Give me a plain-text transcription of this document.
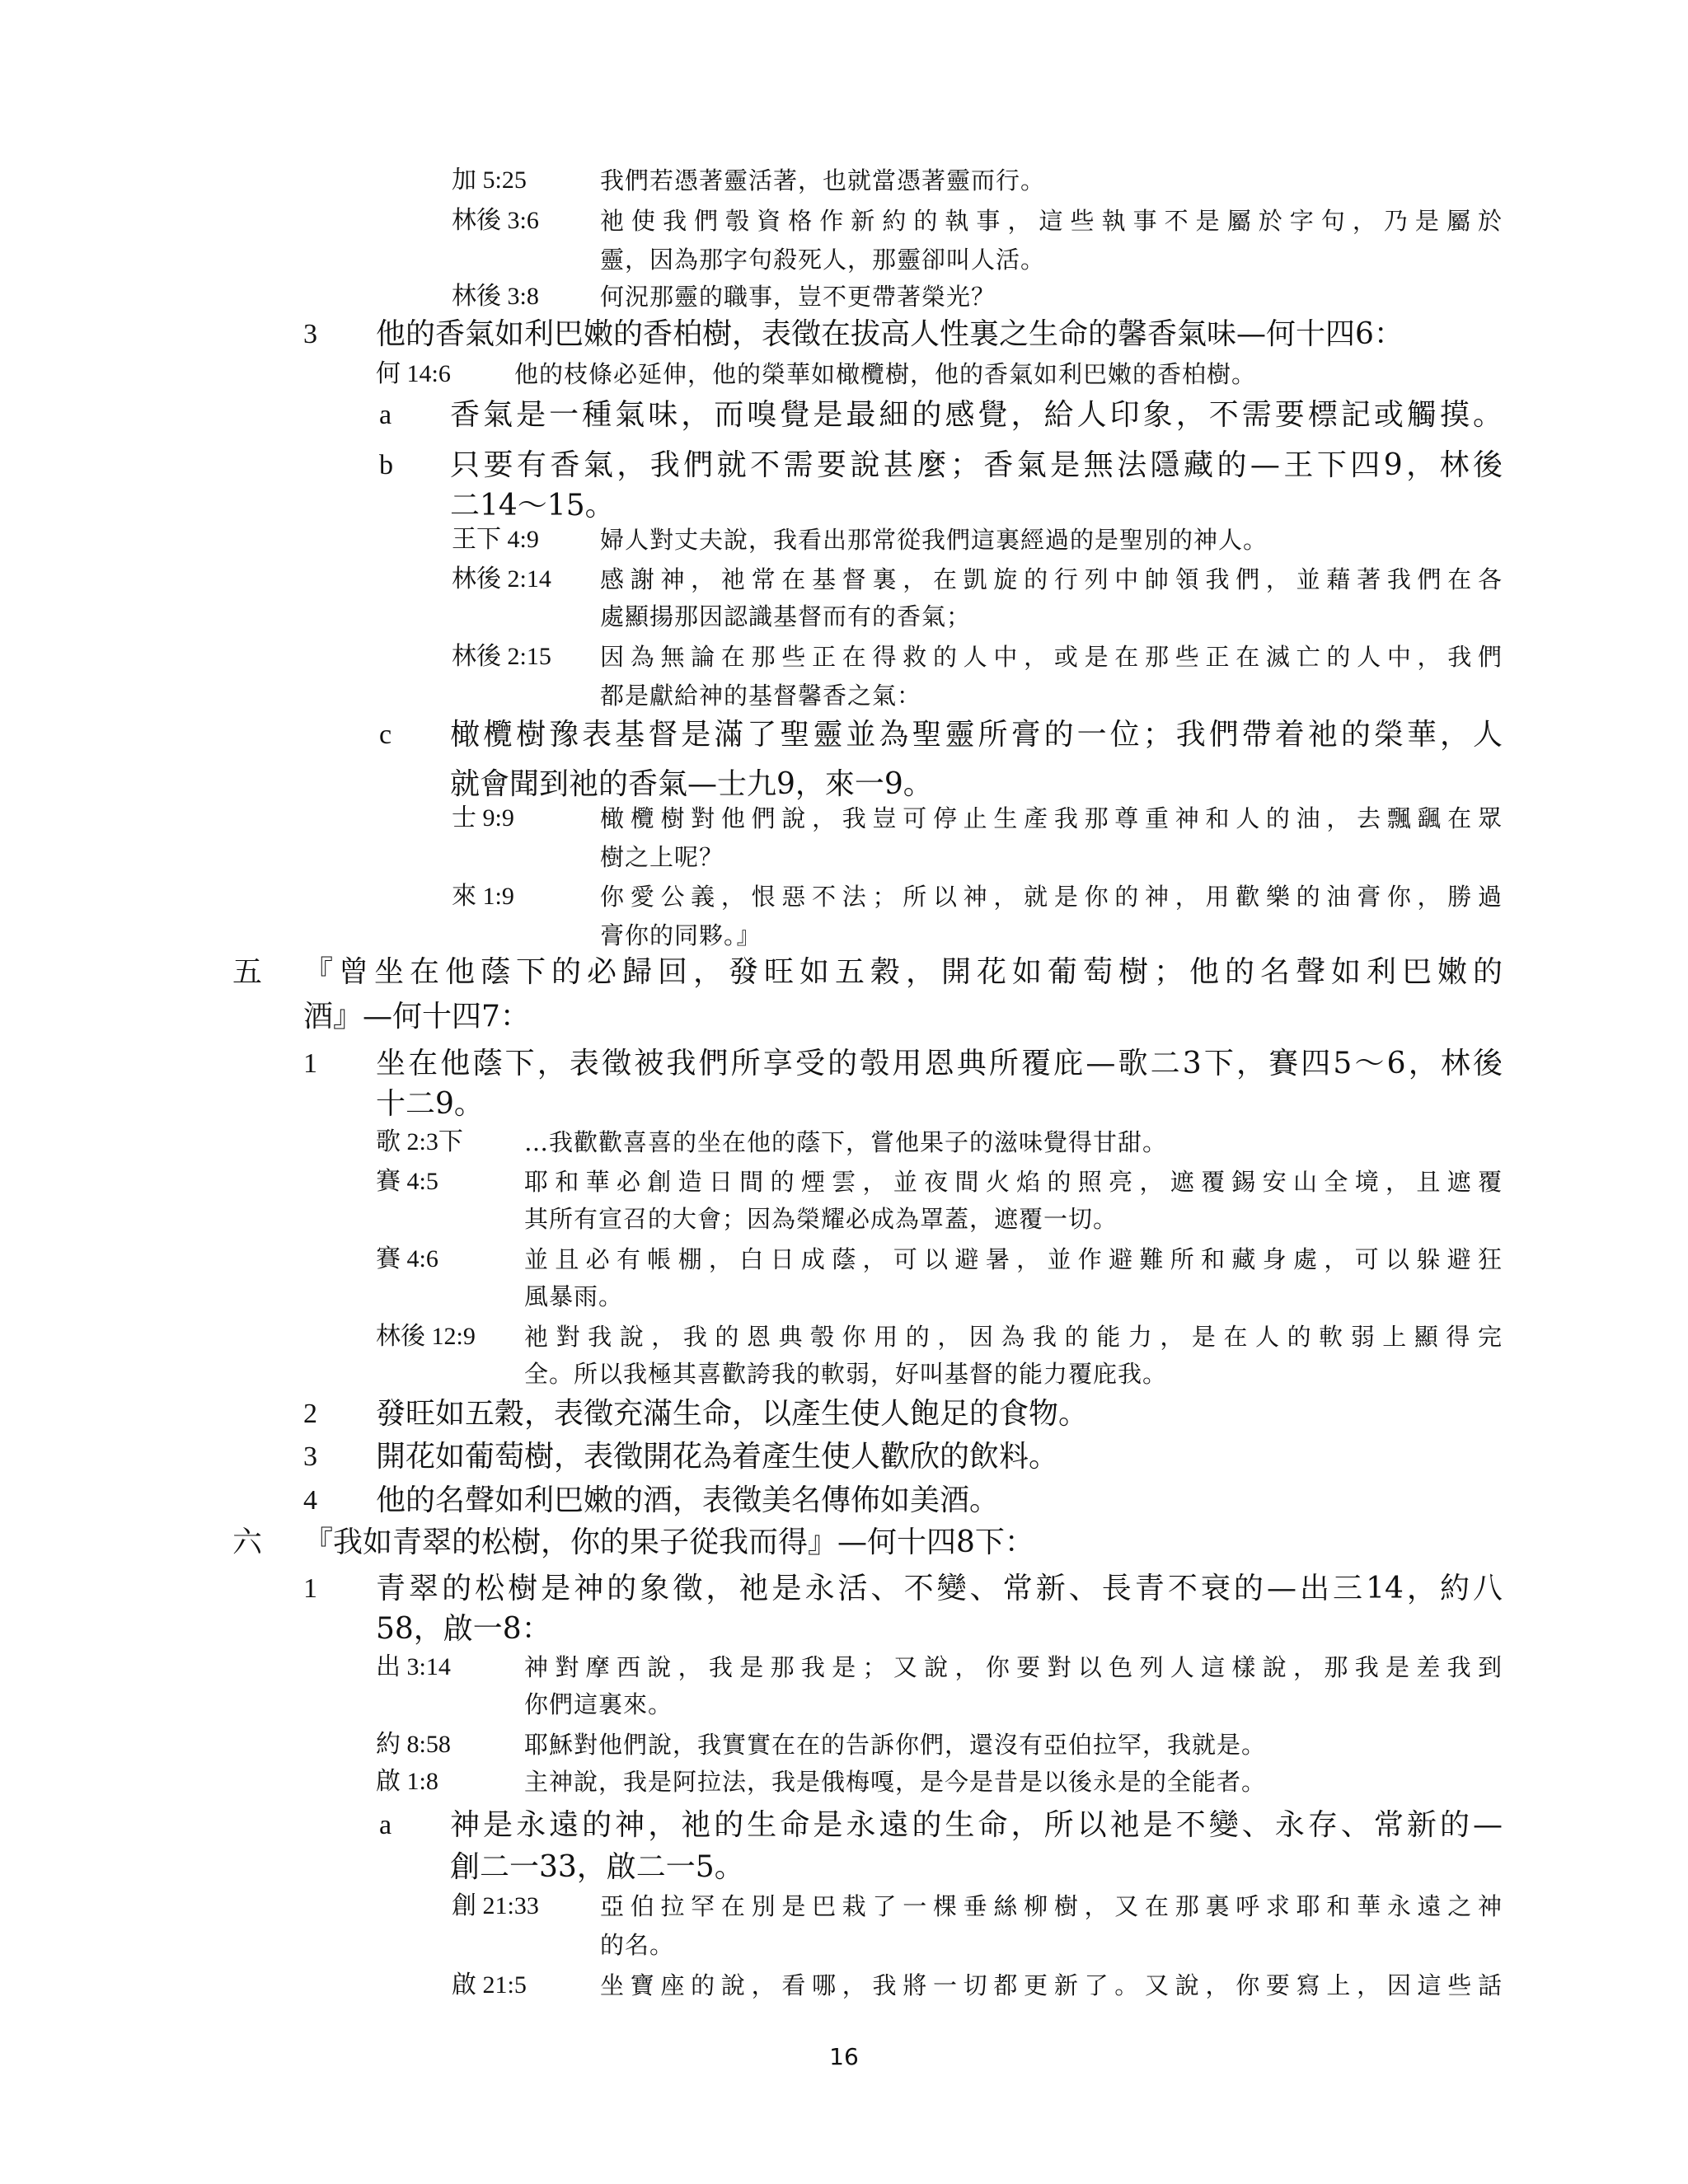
加 5:25	我們若憑著靈活著，也就當憑著靈而行。
林後 3:6	祂使我們彀資格作新約的執事，這些執事不是屬於字句，乃是屬於
靈，因為那字句殺死人，那靈卻叫人活。
林後 3:8	何況那靈的職事，豈不更帶著榮光？
3 他的香氣如利巴嫩的香柏樹，表徵在拔高人性裏之生命的馨香氣味—何十四6：
何 14:6	他的枝條必延伸，他的榮華如橄欖樹，他的香氣如利巴嫩的香柏樹。
a 香氣是一種氣味，而嗅覺是最細的感覺，給人印象，不需要標記或觸摸。
b 只要有香氣，我們就不需要說甚麼；香氣是無法隱藏的—王下四9，林後
二14～15。
王下 4:9	婦人對丈夫說，我看出那常從我們這裏經過的是聖別的神人。
林後 2:14 感謝神，祂常在基督裏，在凱旋的行列中帥領我們，並藉著我們在各
處顯揚那因認識基督而有的香氣；
林後 2:15 因為無論在那些正在得救的人中，或是在那些正在滅亡的人中，我們
都是獻給神的基督馨香之氣：
c 橄欖樹豫表基督是滿了聖靈並為聖靈所膏的一位；我們帶着祂的榮華，人
就會聞到祂的香氣—士九9，來一9。
士 9:9	橄欖樹對他們說，我豈可停止生產我那尊重神和人的油，去飄颻在眾
樹之上呢？
來 1:9	你愛公義，恨惡不法；所以神，就是你的神，用歡樂的油膏你，勝過
膏你的同夥。』
五 『曾坐在他蔭下的必歸回，發旺如五穀，開花如葡萄樹；他的名聲如利巴嫩的
酒』—何十四7：
1 坐在他蔭下，表徵被我們所享受的彀用恩典所覆庇—歌二3下，賽四5～6，林後
十二9。
歌 2:3下	…我歡歡喜喜的坐在他的蔭下，嘗他果子的滋味覺得甘甜。
賽 4:5	耶和華必創造日間的煙雲，並夜間火焰的照亮，遮覆錫安山全境，且遮覆
其所有宣召的大會；因為榮耀必成為罩蓋，遮覆一切。
賽 4:6	並且必有帳棚，白日成蔭，可以避暑，並作避難所和藏身處，可以躲避狂
風暴雨。
林後 12:9 祂對我說，我的恩典彀你用的，因為我的能力，是在人的軟弱上顯得完
全。所以我極其喜歡誇我的軟弱，好叫基督的能力覆庇我。
2 發旺如五穀，表徵充滿生命，以產生使人飽足的食物。
3 開花如葡萄樹，表徵開花為着產生使人歡欣的飲料。
4 他的名聲如利巴嫩的酒，表徵美名傳佈如美酒。
六 『我如青翠的松樹，你的果子從我而得』—何十四8下：
1 青翠的松樹是神的象徵，祂是永活、不變、常新、長青不衰的—出三14，約八
58，啟一8：
出 3:14	神對摩西說，我是那我是；又說，你要對以色列人這樣說，那我是差我到
你們這裏來。
約 8:58	耶穌對他們說，我實實在在的告訴你們，還沒有亞伯拉罕，我就是。
啟 1:8	主神說，我是阿拉法，我是俄梅嘎，是今是昔是以後永是的全能者。
a 神是永遠的神，祂的生命是永遠的生命，所以祂是不變、永存、常新的—
創二一33，啟二一5。
創 21:33	亞伯拉罕在別是巴栽了一棵垂絲柳樹，又在那裏呼求耶和華永遠之神
的名。
啟 21:5	坐寶座的說，看哪，我將一切都更新了。又說，你要寫上，因這些話
16
